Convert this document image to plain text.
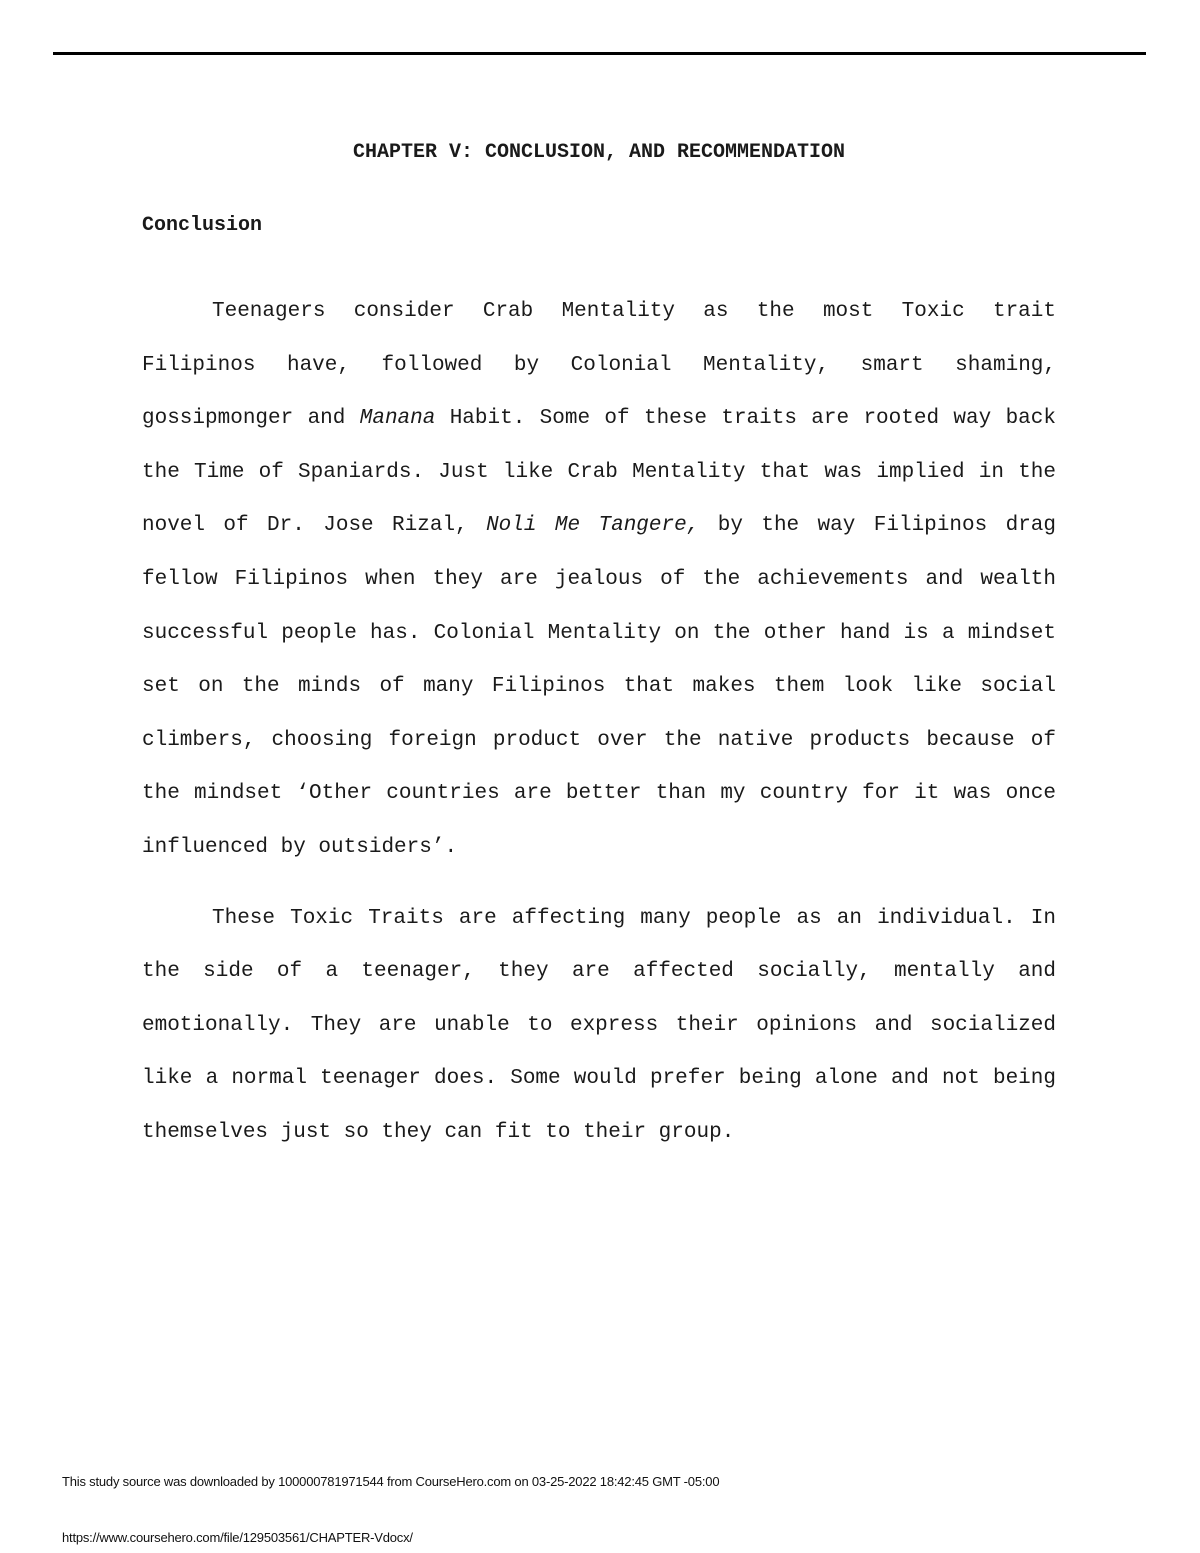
CHAPTER V: CONCLUSION, AND RECOMMENDATION
Conclusion

Teenagers consider Crab Mentality as the most Toxic trait Filipinos have, followed by Colonial Mentality, smart shaming, gossipmonger and Manana Habit. Some of these traits are rooted way back the Time of Spaniards. Just like Crab Mentality that was implied in the novel of Dr. Jose Rizal, Noli Me Tangere, by the way Filipinos drag fellow Filipinos when they are jealous of the achievements and wealth successful people has. Colonial Mentality on the other hand is a mindset set on the minds of many Filipinos that makes them look like social climbers, choosing foreign product over the native products because of the mindset ‘Other countries are better than my country for it was once influenced by outsiders’.

These Toxic Traits are affecting many people as an individual. In the side of a teenager, they are affected socially, mentally and emotionally. They are unable to express their opinions and socialized like a normal teenager does. Some would prefer being alone and not being themselves just so they can fit to their group.

This study source was downloaded by 100000781971544 from CourseHero.com on 03-25-2022 18:42:45 GMT -05:00
https://www.coursehero.com/file/129503561/CHAPTER-Vdocx/
